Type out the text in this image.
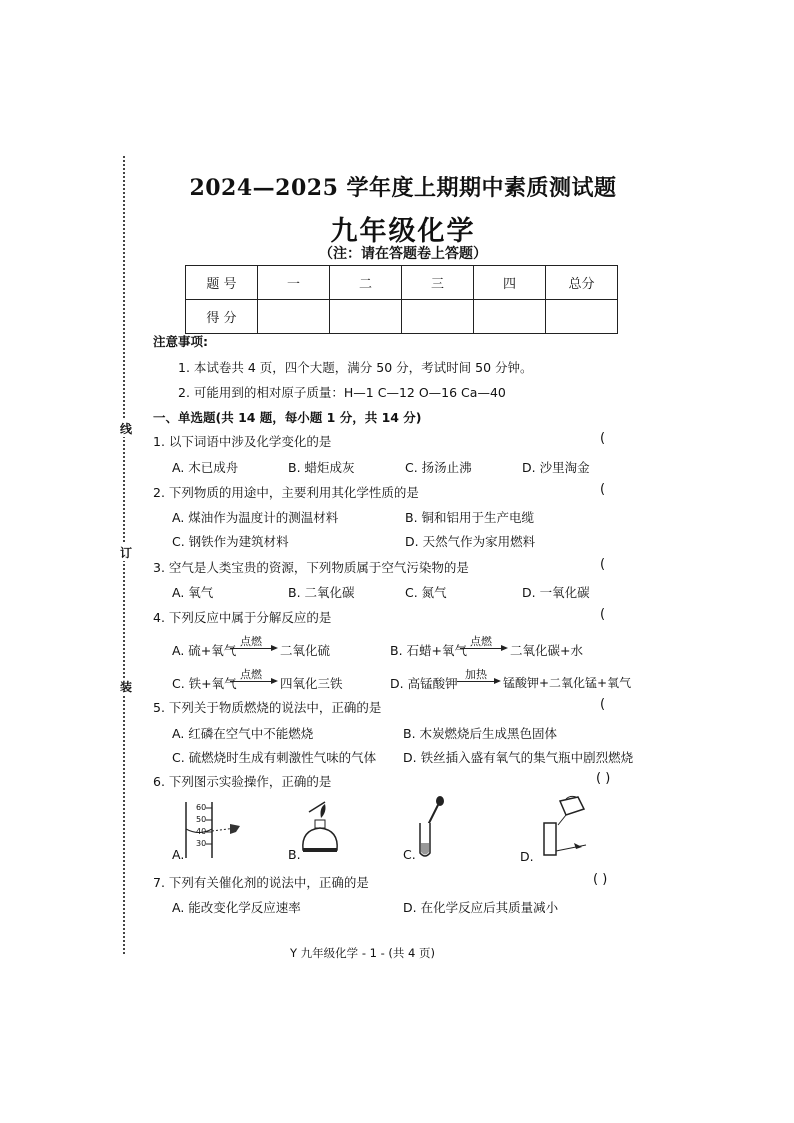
线
订
装
2024—2025 学年度上期期中素质测试题
九年级化学
（注：请在答题卷上答题）
题 号	一	二	三	四	总分
得 分					
注意事项:
1. 本试卷共 4 页，四个大题，满分 50 分，考试时间 50 分钟。
2. 可能用到的相对原子质量：H—1 C—12 O—16 Ca—40
一、单选题(共 14 题，每小题 1 分，共 14 分)
1. 以下词语中涉及化学变化的是	(
A. 木已成舟	B. 蜡炬成灰	C. 扬汤止沸	D. 沙里淘金
2. 下列物质的用途中，主要利用其化学性质的是	(
A. 煤油作为温度计的测温材料	B. 铜和铝用于生产电缆
C. 钢铁作为建筑材料	D. 天然气作为家用燃料
3. 空气是人类宝贵的资源，下列物质属于空气污染物的是	(
A. 氧气	B. 二氧化碳	C. 氮气	D. 一氧化碳
4. 下列反应中属于分解反应的是	(
A. 硫+氧气
点燃
二氧化硫	B. 石蜡+氧气
点燃
二氧化碳+水
C. 铁+氧气
点燃
四氧化三铁	D. 高锰酸钾
加热
锰酸钾+二氧化锰+氧气
5. 下列关于物质燃烧的说法中，正确的是	(
A. 红磷在空气中不能燃烧	B. 木炭燃烧后生成黑色固体
C. 硫燃烧时生成有刺激性气味的气体 D. 铁丝插入盛有氧气的集气瓶中剧烈燃烧
6. 下列图示实验操作，正确的是	( )
60
50
40
30
A.	B.	C.	D.
7. 下列有关催化剂的说法中，正确的是	( )
A. 能改变化学反应速率	D. 在化学反应后其质量减小
Y 九年级化学 - 1 - (共 4 页)
